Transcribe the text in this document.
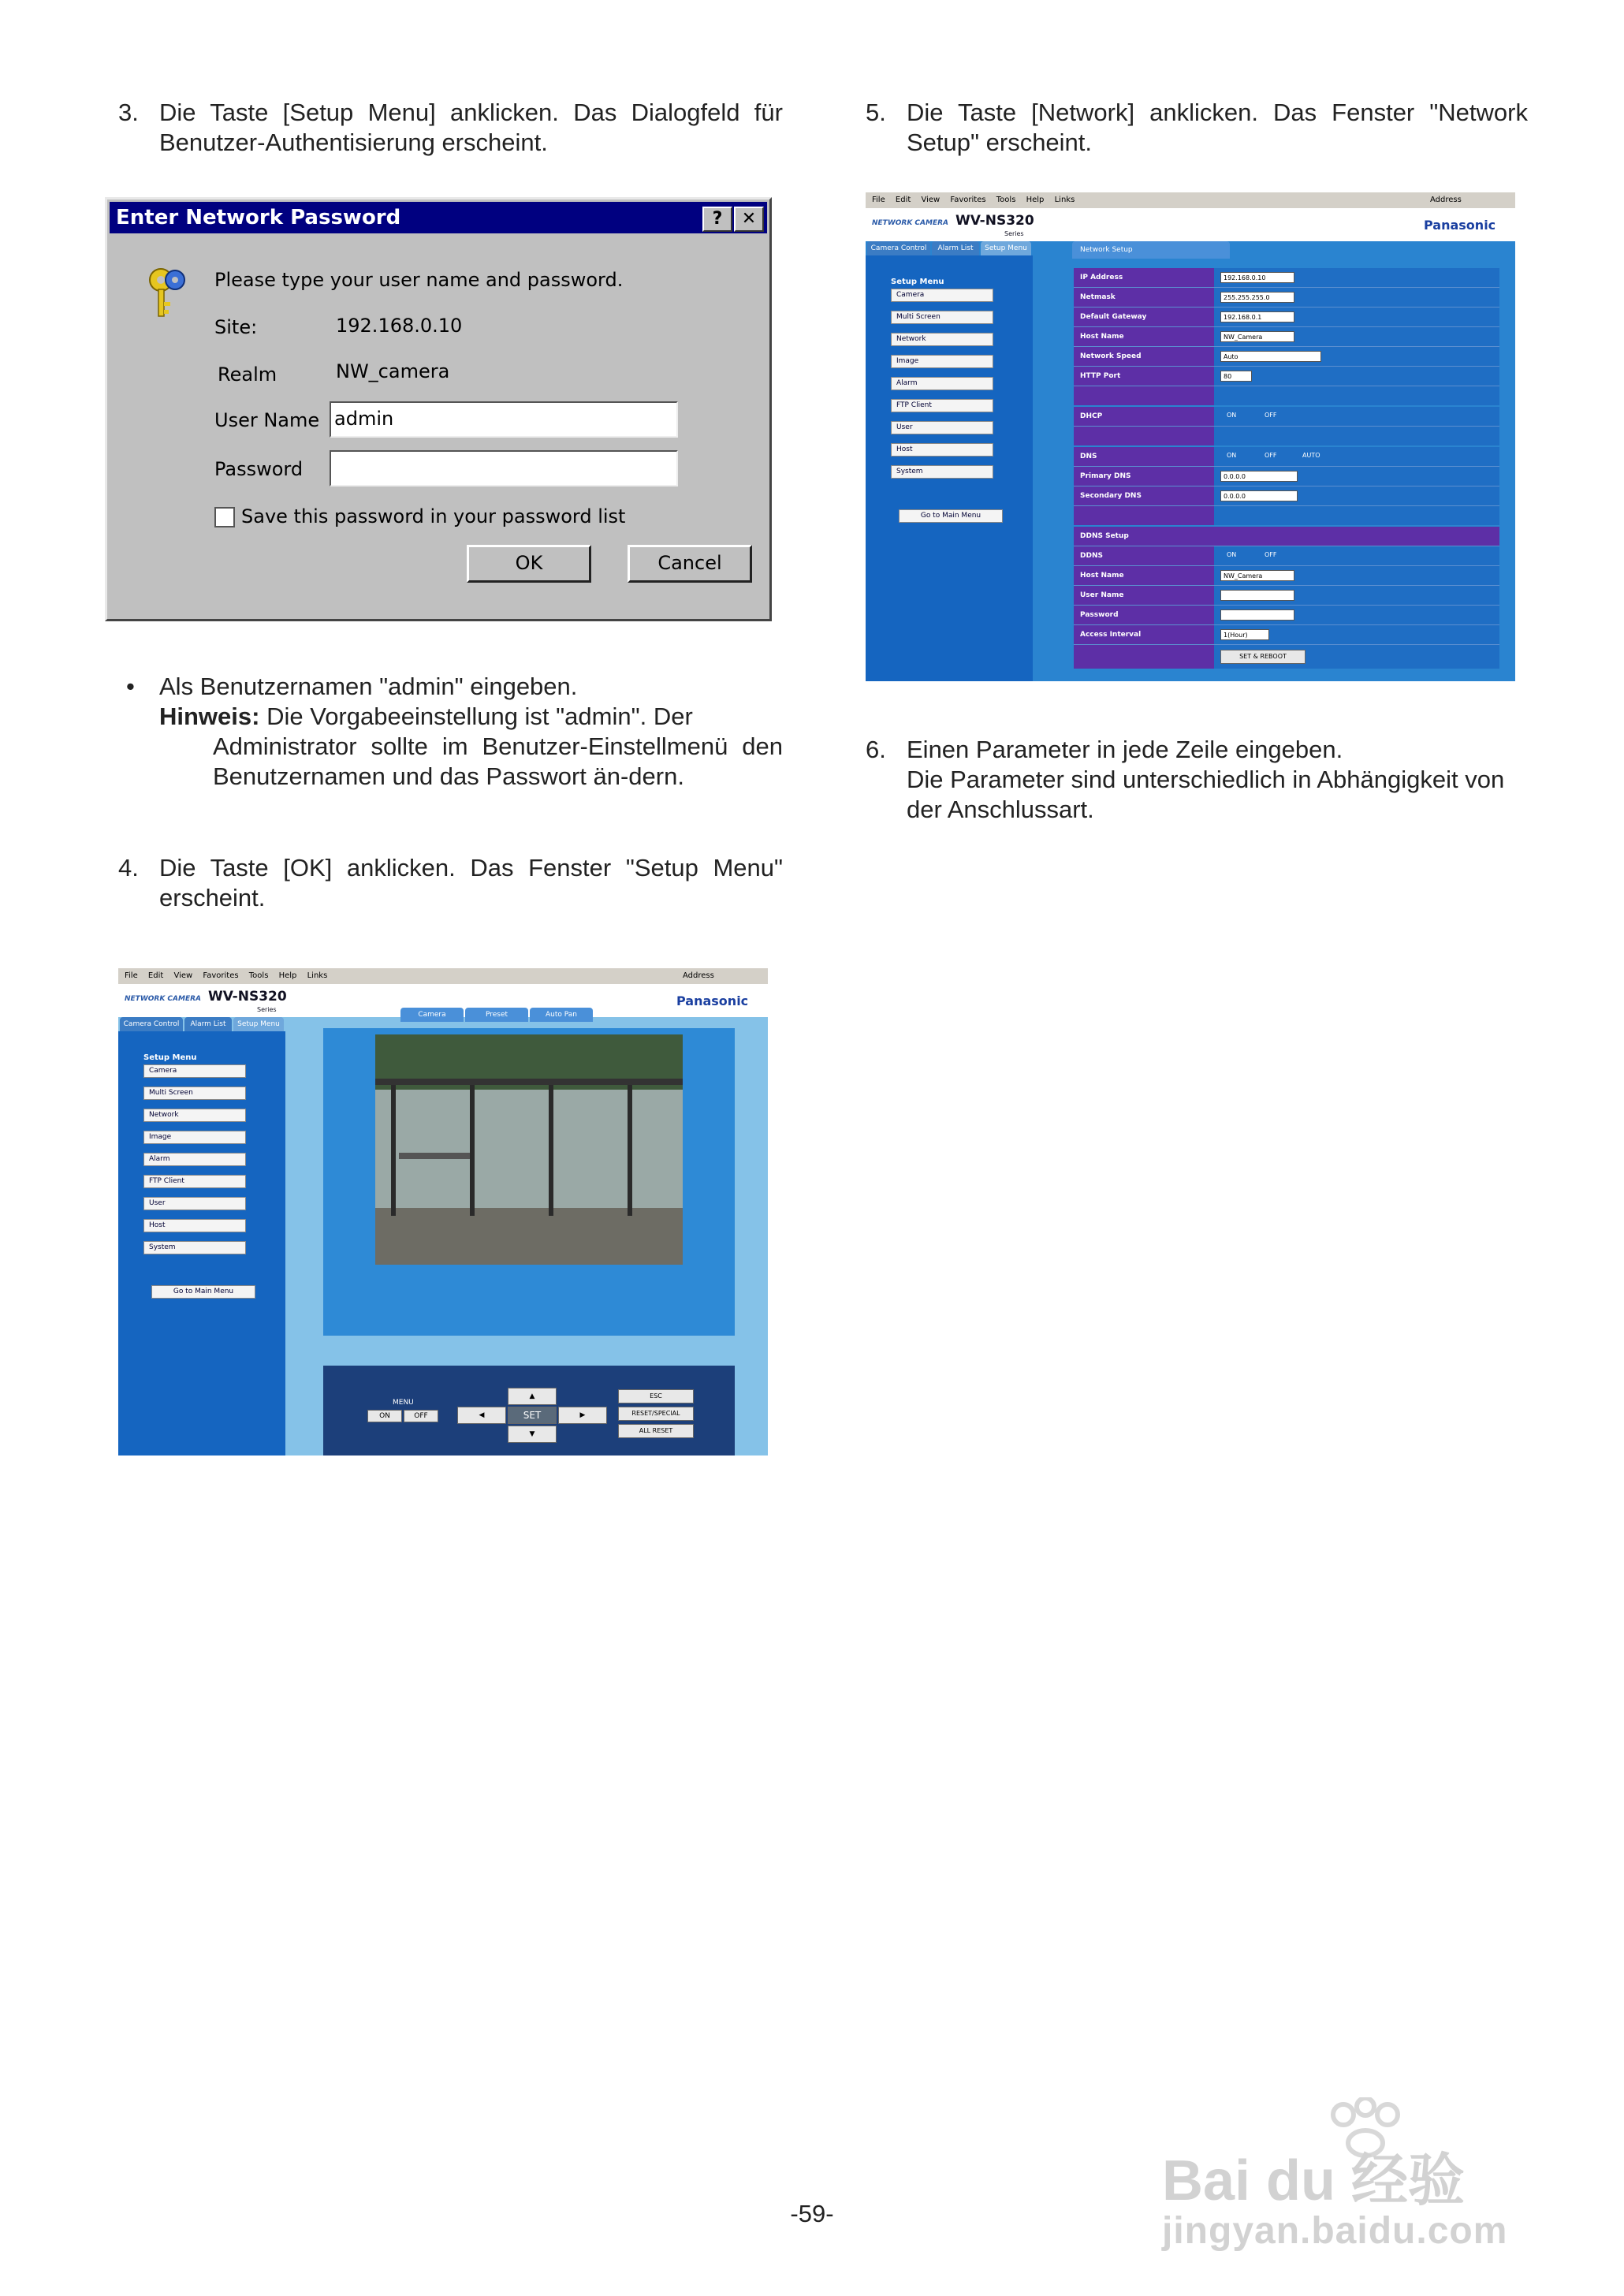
3. Die Taste [Setup Menu] anklicken. Das Dialogfeld für Benutzer-Authentisierung erscheint.
Enter Network Password	?	✕
Please type your user name and password.
Site:	192.168.0.10
Realm	NW_camera
User Name admin
Password
Save this password in your password list
OK	Cancel
• Als Benutzernamen "admin" eingeben.

Hinweis: Die Vorgabeeinstellung ist "admin". Der

Administrator sollte im Benutzer-Einstellmenü den Benutzernamen und das Passwort än-dern.

4. Die Taste [OK] anklicken. Das Fenster "Setup Menu" erscheint.
File Edit View Favorites Tools Help Links	Address
NETWORK CAMERA WV-NS320
Series
Panasonic
Camera Control	Alarm List	Setup Menu
Setup Menu
Camera
Multi Screen
Network
Image
Alarm
FTP Client
User
Host
System
Go to Main Menu
Camera	Preset	Auto Pan
MENU
ON	OFF
▲
◀	SET	▶
▼
ESC
RESET/SPECIAL
ALL RESET
5. Die Taste [Network] anklicken. Das Fenster "Network Setup" erscheint.
File Edit View Favorites Tools Help Links	Address
NETWORK CAMERA WV-NS320
Series
Panasonic
Camera Control	Alarm List	Setup Menu
Setup Menu
Camera
Multi Screen
Network
Image
Alarm
FTP Client
User
Host
System
Go to Main Menu
Network Setup
IP Address	192.168.0.10
Netmask	255.255.255.0
Default Gateway	192.168.0.1
Host Name	NW_Camera
Network Speed	Auto
HTTP Port	80
DHCP	ON	OFF
DNS	ON	OFF	AUTO
Primary DNS	0.0.0.0
Secondary DNS	0.0.0.0
DDNS Setup
DDNS	ON	OFF
Host Name	NW_Camera
User Name
Password
Access Interval	1(Hour)
SET & REBOOT
6. Einen Parameter in jede Zeile eingeben.

Die Parameter sind unterschiedlich in Abhängigkeit von der Anschlussart.

-59-
Bai du 经验
jingyan.baidu.com
